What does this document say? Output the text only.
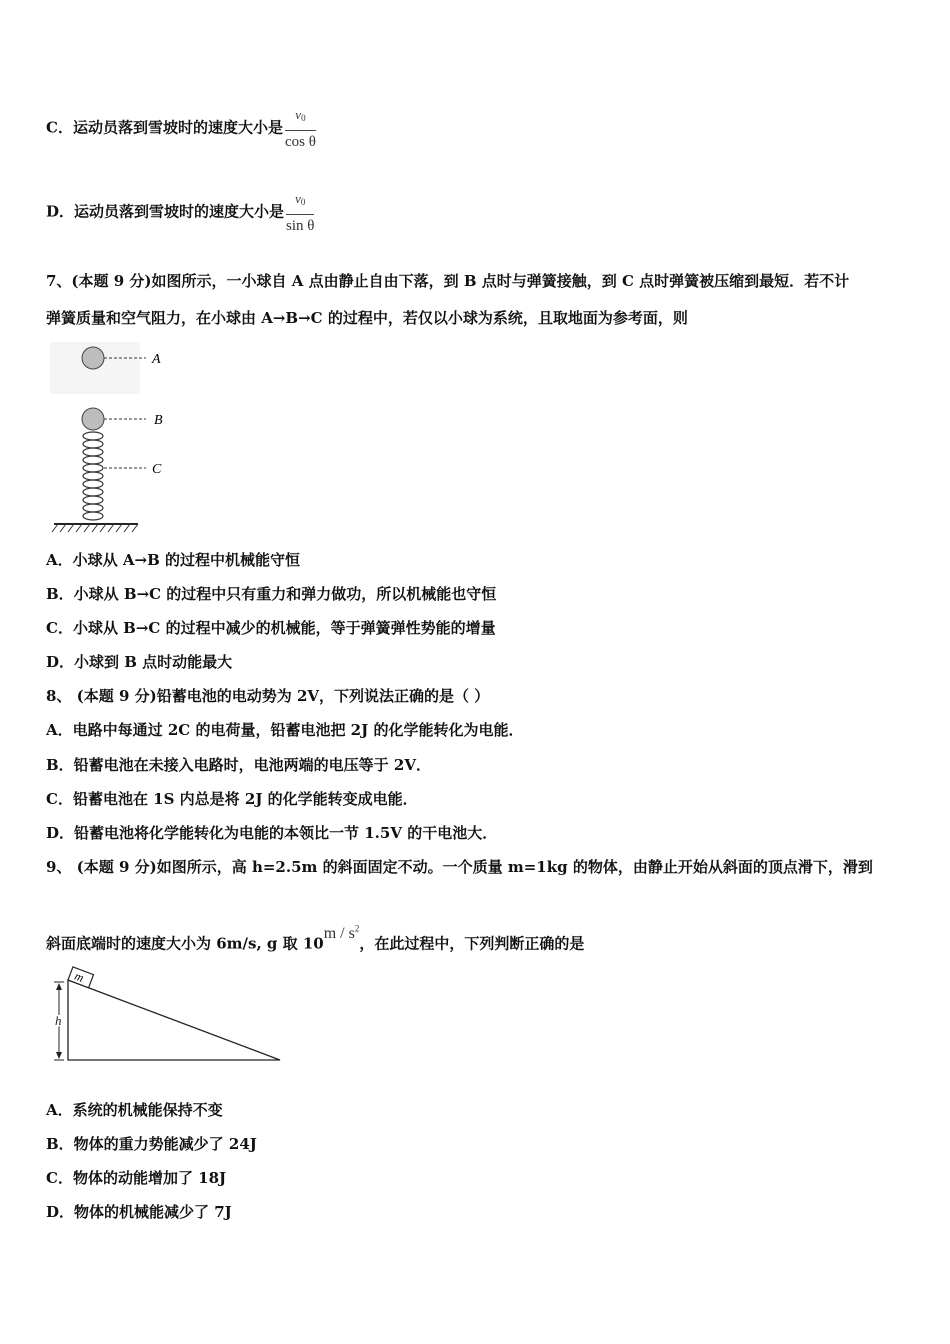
C．运动员落到雪坡时的速度大小是 $\frac{v0}{\text{cos θ}}$
D．运动员落到雪坡时的速度大小是 $\frac{v0}{\text{sin θ}}$
7、(本题 9 分)如图所示，一小球自 A 点由静止自由下落，到 B 点时与弹簧接触，到 C 点时弹簧被压缩到最短．若不计
弹簧质量和空气阻力，在小球由 A→B→C 的过程中，若仅以小球为系统，且取地面为参考面，则
A
B
C
A．小球从 A→B 的过程中机械能守恒
B．小球从 B→C 的过程中只有重力和弹力做功，所以机械能也守恒
C．小球从 B→C 的过程中减少的机械能，等于弹簧弹性势能的增量
D．小球到 B 点时动能最大
8、 (本题 9 分)铅蓄电池的电动势为 2V，下列说法正确的是（ ）
A．电路中每通过 2C 的电荷量，铅蓄电池把 2J 的化学能转化为电能．
B．铅蓄电池在未接入电路时，电池两端的电压等于 2V．
C．铅蓄电池在 1S 内总是将 2J 的化学能转变成电能．
D．铅蓄电池将化学能转化为电能的本领比一节 1.5V 的干电池大．
9、 (本题 9 分)如图所示，高 h=2.5m 的斜面固定不动。一个质量 m=1kg 的物体，由静止开始从斜面的顶点滑下，滑到
斜面底端时的速度大小为 6m/s, g 取 $10m / s^2$，在此过程中，下列判断正确的是
m
h
A．系统的机械能保持不变
B．物体的重力势能减少了 24J
C．物体的动能增加了 18J
D．物体的机械能减少了 7J
